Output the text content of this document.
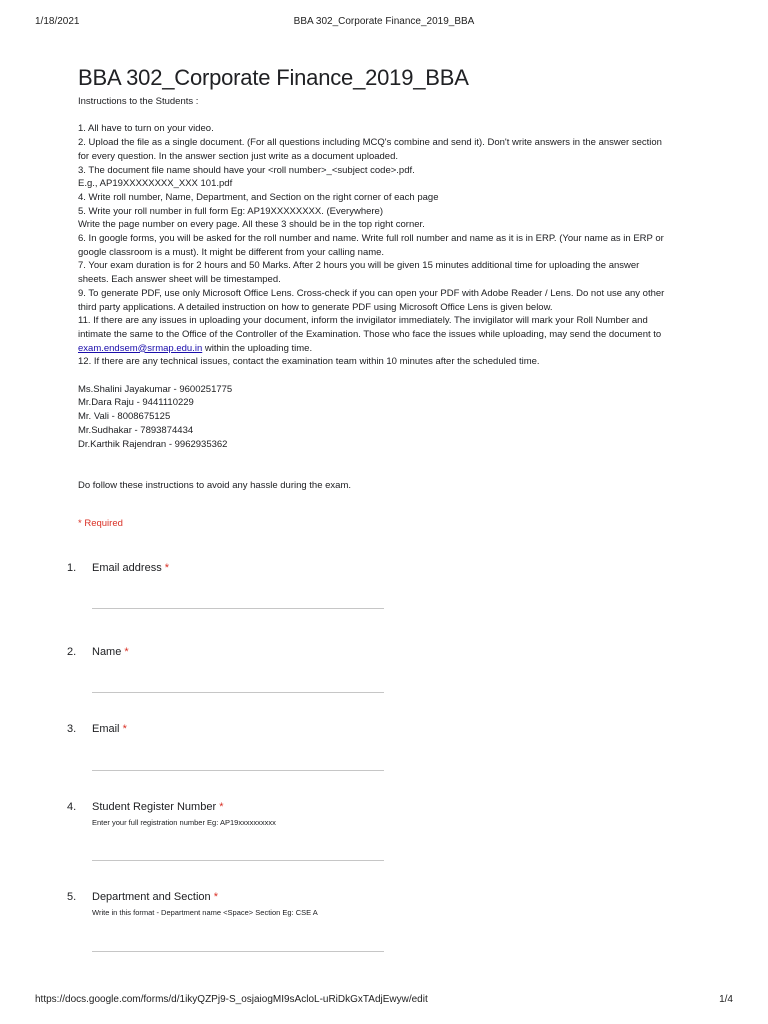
1/18/2021	BBA 302_Corporate Finance_2019_BBA
BBA 302_Corporate Finance_2019_BBA

Instructions to the Students :

1. All have to turn on your video.

2. Upload the file as a single document. (For all questions including MCQ's combine and send it). Don't write answers in the answer section for every question. In the answer section just write as a document uploaded.

3. The document file name should have your <roll number>_<subject code>.pdf.

E.g., AP19XXXXXXXX_XXX 101.pdf

4. Write roll number, Name, Department, and Section on the right corner of each page

5. Write your roll number in full form Eg: AP19XXXXXXXX. (Everywhere)

Write the page number on every page. All these 3 should be in the top right corner.

6. In google forms, you will be asked for the roll number and name. Write full roll number and name as it is in ERP. (Your name as in ERP or google classroom is a must). It might be different from your calling name.

7. Your exam duration is for 2 hours and 50 Marks. After 2 hours you will be given 15 minutes additional time for uploading the answer sheets. Each answer sheet will be timestamped.

9. To generate PDF, use only Microsoft Office Lens. Cross-check if you can open your PDF with Adobe Reader / Lens. Do not use any other third party applications. A detailed instruction on how to generate PDF using Microsoft Office Lens is given below.

11. If there are any issues in uploading your document, inform the invigilator immediately. The invigilator will mark your Roll Number and intimate the same to the Office of the Controller of the Examination. Those who face the issues while uploading, may send the document to exam.endsem@srmap.edu.in within the uploading time.

12. If there are any technical issues, contact the examination team within 10 minutes after the scheduled time.

Ms.Shalini Jayakumar - 9600251775

Mr.Dara Raju - 9441110229

Mr. Vali - 8008675125

Mr.Sudhakar - 7893874434

Dr.Karthik Rajendran - 9962935362

Do follow these instructions to avoid any hassle during the exam.

* Required
1. Email address *
2. Name *
3. Email *
4. Student Register Number *
Enter your full registration number Eg: AP19xxxxxxxxxx
5. Department and Section *
Write in this format - Department name <Space> Section Eg: CSE A
https://docs.google.com/forms/d/1ikyQZPj9-S_osjaiogMI9sAcloL-uRiDkGxTAdjEwyw/edit	1/4
